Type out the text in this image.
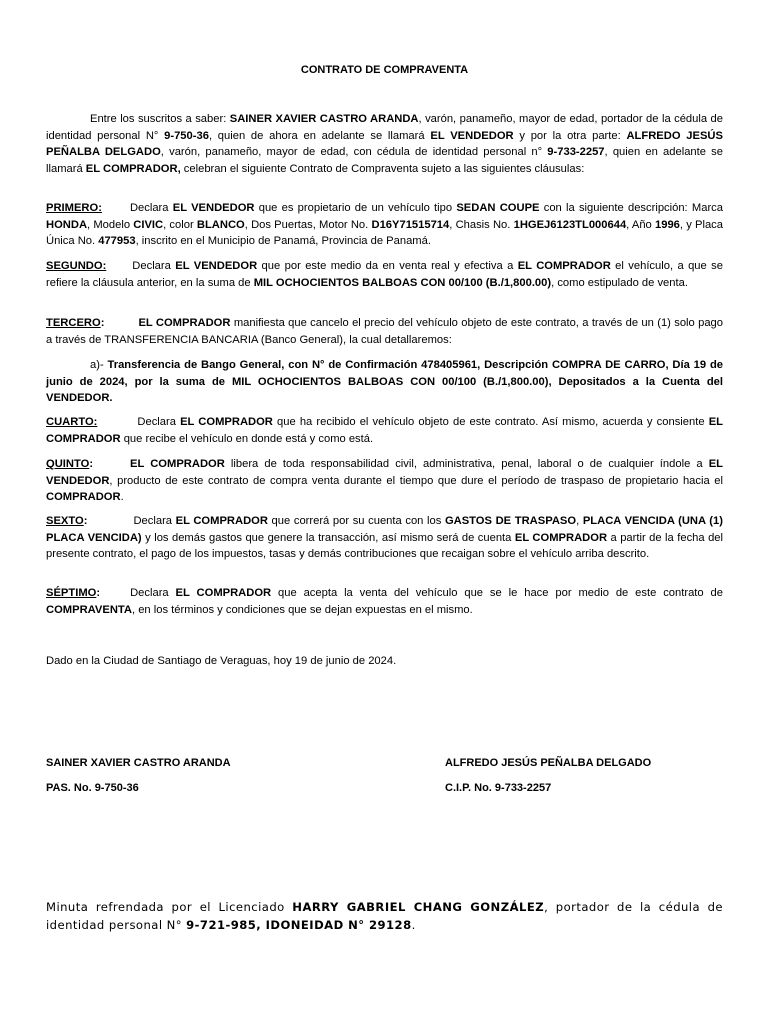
CONTRATO DE COMPRAVENTA
Entre los suscritos a saber: SAINER XAVIER CASTRO ARANDA, varón, panameño, mayor de edad, portador de la cédula de identidad personal N° 9-750-36, quien de ahora en adelante se llamará EL VENDEDOR y por la otra parte: ALFREDO JESÚS PEÑALBA DELGADO, varón, panameño, mayor de edad, con cédula de identidad personal n° 9-733-2257, quien en adelante se llamará EL COMPRADOR, celebran el siguiente Contrato de Compraventa sujeto a las siguientes cláusulas:
PRIMERO:	Declara EL VENDEDOR que es propietario de un vehículo tipo SEDAN COUPE con la siguiente descripción: Marca HONDA, Modelo CIVIC, color BLANCO, Dos Puertas, Motor No. D16Y71515714, Chasis No. 1HGEJ6123TL000644, Año 1996, y Placa Única No. 477953, inscrito en el Municipio de Panamá, Provincia de Panamá.
SEGUNDO: Declara EL VENDEDOR que por este medio da en venta real y efectiva a EL COMPRADOR el vehículo, a que se refiere la cláusula anterior, en la suma de MIL OCHOCIENTOS BALBOAS CON 00/100 (B./1,800.00), como estipulado de venta.
TERCERO:	EL COMPRADOR manifiesta que cancelo el precio del vehículo objeto de este contrato, a través de un (1) solo pago a través de TRANSFERENCIA BANCARIA (Banco General), la cual detallaremos:
a)- Transferencia de Bango General, con N° de Confirmación 478405961, Descripción COMPRA DE CARRO, Día 19 de junio de 2024, por la suma de MIL OCHOCIENTOS BALBOAS CON 00/100 (B./1,800.00), Depositados a la Cuenta del VENDEDOR.
CUARTO:	Declara EL COMPRADOR que ha recibido el vehículo objeto de este contrato. Así mismo, acuerda y consiente EL COMPRADOR que recibe el vehículo en donde está y como está.
QUINTO:	EL COMPRADOR libera de toda responsabilidad civil, administrativa, penal, laboral o de cualquier índole a EL VENDEDOR, producto de este contrato de compra venta durante el tiempo que dure el período de traspaso de propietario hacia el COMPRADOR.
SEXTO:	Declara EL COMPRADOR que correrá por su cuenta con los GASTOS DE TRASPASO, PLACA VENCIDA (UNA (1) PLACA VENCIDA) y los demás gastos que genere la transacción, así mismo será de cuenta EL COMPRADOR a partir de la fecha del presente contrato, el pago de los impuestos, tasas y demás contribuciones que recaigan sobre el vehículo arriba descrito.
SÉPTIMO:	Declara EL COMPRADOR que acepta la venta del vehículo que se le hace por medio de este contrato de COMPRAVENTA, en los términos y condiciones que se dejan expuestas en el mismo.
Dado en la Ciudad de Santiago de Veraguas, hoy 19 de junio de 2024.
SAINER XAVIER CASTRO ARANDA
PAS. No. 9-750-36
ALFREDO JESÚS PEÑALBA DELGADO
C.I.P. No. 9-733-2257
Minuta refrendada por el Licenciado HARRY GABRIEL CHANG GONZÁLEZ, portador de la cédula de identidad personal N° 9-721-985, IDONEIDAD N° 29128.
